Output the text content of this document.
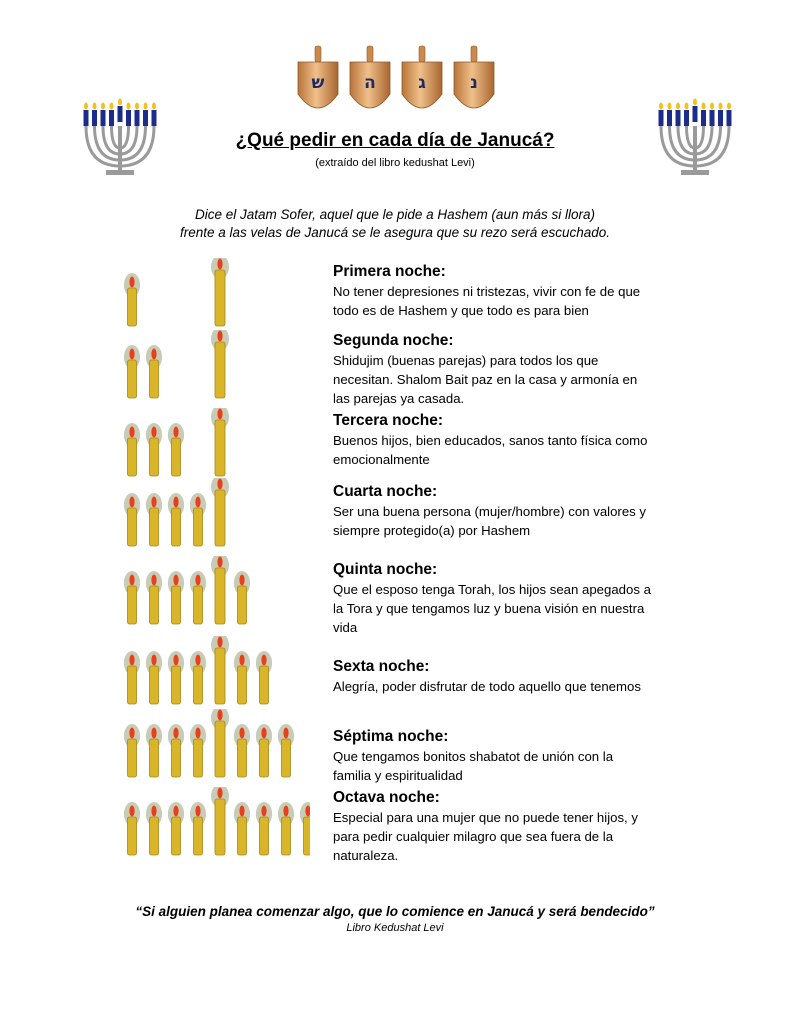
ש ה ג	נ
¿Qué pedir en cada día de Janucá?
(extraído del libro kedushat Levi)
Dice el Jatam Sofer, aquel que le pide a Hashem (aun más si llora)
frente a las velas de Janucá se le asegura que su rezo será escuchado.
Primera noche:

No tener depresiones ni tristezas, vivir con fe de que

todo es de Hashem y que todo es para bien

Segunda noche:

Shidujim (buenas parejas) para todos los que

necesitan. Shalom Bait paz en la casa y armonía en

las parejas ya casada.

Tercera noche:

Buenos hijos, bien educados, sanos tanto física como

emocionalmente

Cuarta noche:

Ser una buena persona (mujer/hombre) con valores y

siempre protegido(a) por Hashem

Quinta noche:

Que el esposo tenga Torah, los hijos sean apegados a

la Tora y que tengamos luz y buena visión en nuestra

vida

Sexta noche:

Alegría, poder disfrutar de todo aquello que tenemos

Séptima noche:

Que tengamos bonitos shabatot de unión con la

familia y espiritualidad

Octava noche:

Especial para una mujer que no puede tener hijos, y

para pedir cualquier milagro que sea fuera de la

naturaleza.

“Si alguien planea comenzar algo, que lo comience en Janucá y será bendecido”
Libro Kedushat Levi
